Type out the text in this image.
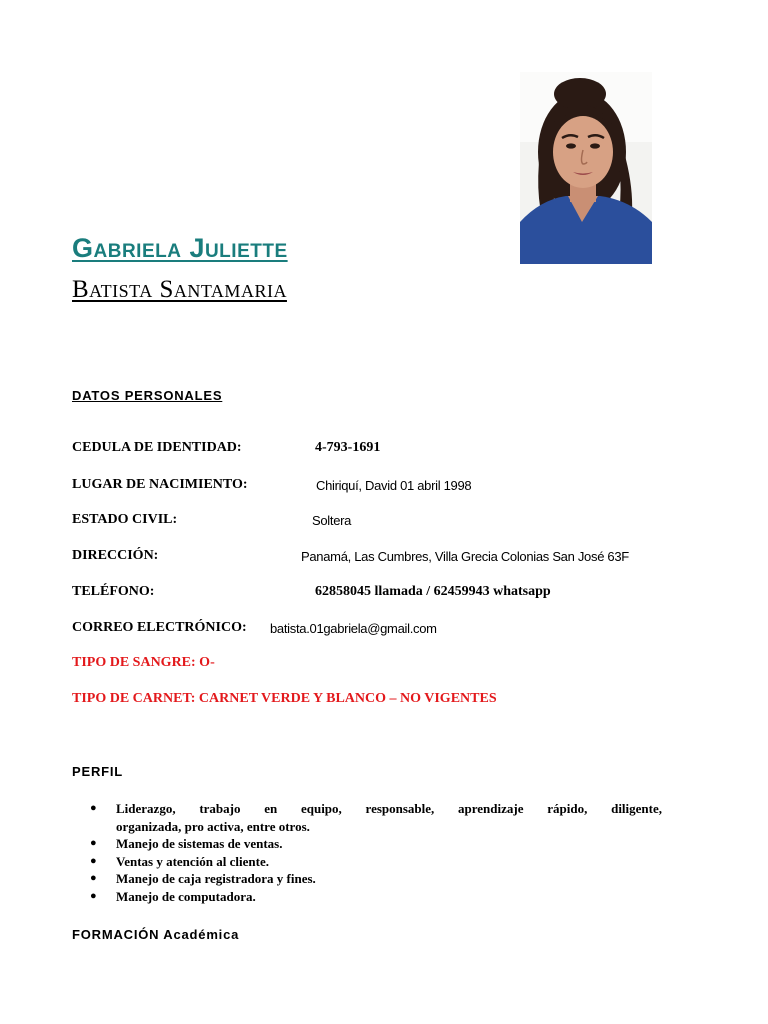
Gabriela Juliette
Batista Santamaria
DATOS PERSONALES
CEDULA DE IDENTIDAD:	4-793-1691
LUGAR DE NACIMIENTO:	Chiriquí, David 01 abril 1998
ESTADO CIVIL:	Soltera
DIRECCIÓN:	Panamá, Las Cumbres, Villa Grecia Colonias San José 63F
TELÉFONO:	62858045 llamada / 62459943 whatsapp
CORREO ELECTRÓNICO: batista.01gabriela@gmail.com
TIPO DE SANGRE: O-
TIPO DE CARNET: CARNET VERDE Y BLANCO – NO VIGENTES
PERFIL
● Liderazgo, trabajo en equipo, responsable, aprendizaje rápido, diligente,
organizada, pro activa, entre otros.
● Manejo de sistemas de ventas.
● Ventas y atención al cliente.
● Manejo de caja registradora y fines.
● Manejo de computadora.
FORMACIÓN Académica
